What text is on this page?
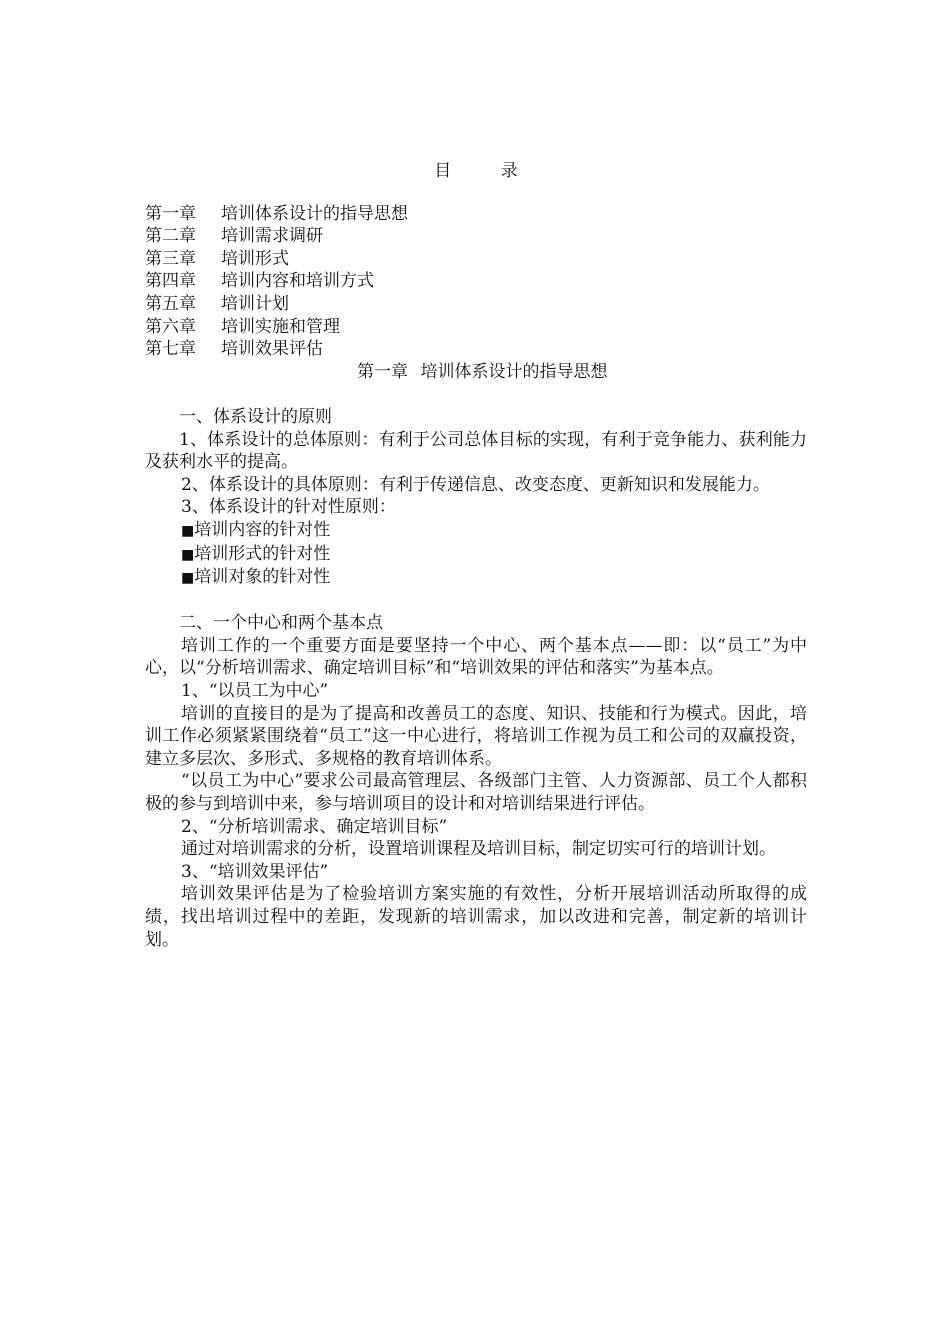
目 录
第一章 培训体系设计的指导思想
第二章 培训需求调研
第三章 培训形式
第四章 培训内容和培训方式
第五章 培训计划
第六章 培训实施和管理
第七章 培训效果评估
第一章 培训体系设计的指导思想
一、体系设计的原则
1、体系设计的总体原则：有利于公司总体目标的实现，有利于竞争能力、获利能力及获利水平的提高。
2、体系设计的具体原则：有利于传递信息、改变态度、更新知识和发展能力。
3、体系设计的针对性原则：
■培训内容的针对性
■培训形式的针对性
■培训对象的针对性
二、一个中心和两个基本点
培训工作的一个重要方面是要坚持一个中心、两个基本点——即：以“员工”为中心，以“分析培训需求、确定培训目标”和“培训效果的评估和落实”为基本点。
1、“以员工为中心”
培训的直接目的是为了提高和改善员工的态度、知识、技能和行为模式。因此，培训工作必须紧紧围绕着“员工”这一中心进行，将培训工作视为员工和公司的双赢投资，建立多层次、多形式、多规格的教育培训体系。
“以员工为中心”要求公司最高管理层、各级部门主管、人力资源部、员工个人都积极的参与到培训中来，参与培训项目的设计和对培训结果进行评估。
2、“分析培训需求、确定培训目标”
通过对培训需求的分析，设置培训课程及培训目标，制定切实可行的培训计划。
3、“培训效果评估”
培训效果评估是为了检验培训方案实施的有效性，分析开展培训活动所取得的成绩，找出培训过程中的差距，发现新的培训需求，加以改进和完善，制定新的培训计划。
